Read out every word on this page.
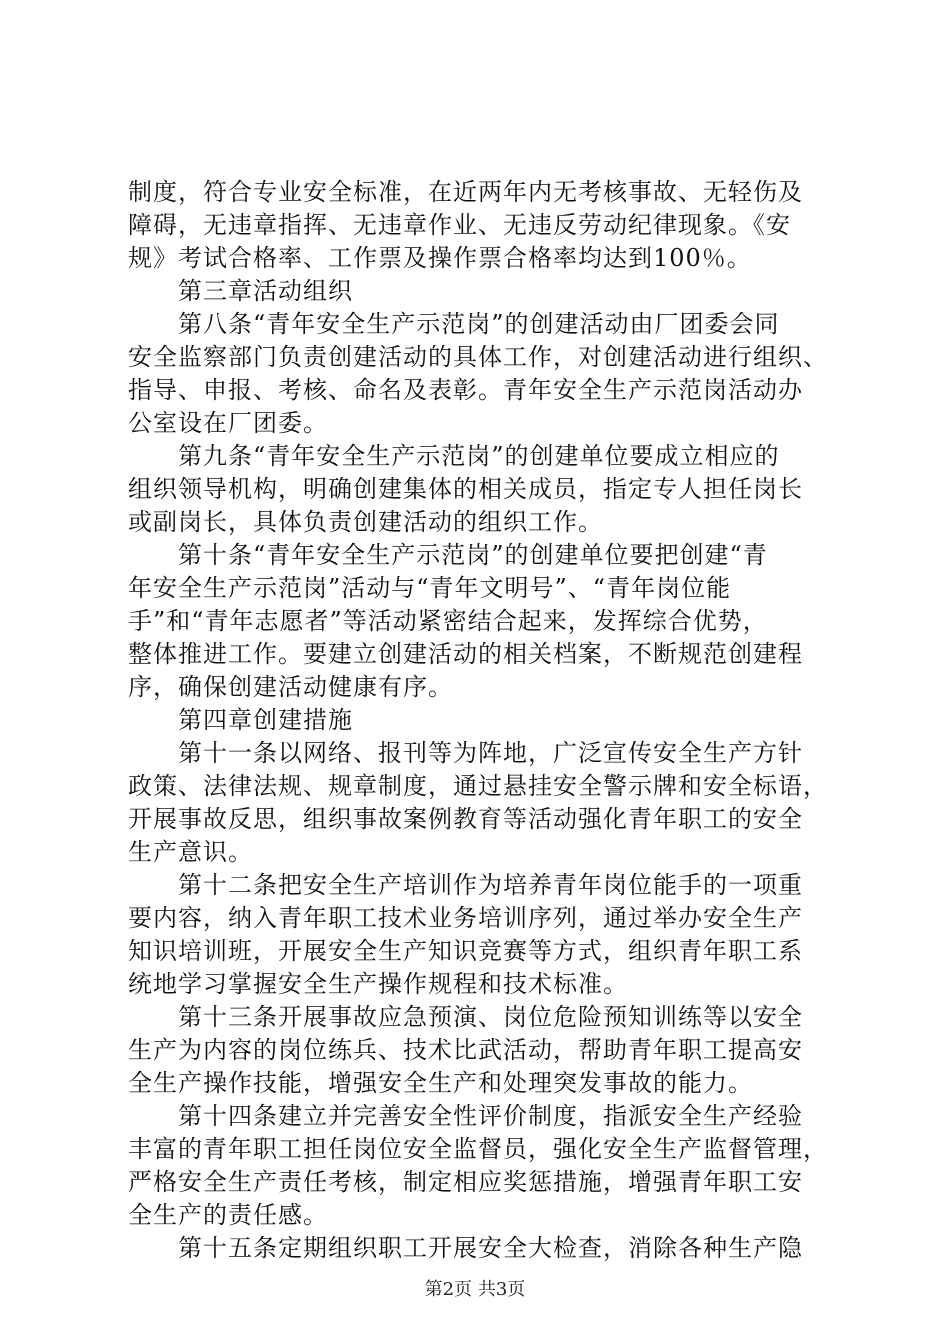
制度，符合专业安全标准，在近两年内无考核事故、无轻伤及
障碍，无违章指挥、无违章作业、无违反劳动纪律现象。《安
规》考试合格率、工作票及操作票合格率均达到100％。
　　第三章活动组织
　　第八条“青年安全生产示范岗”的创建活动由厂团委会同
安全监察部门负责创建活动的具体工作，对创建活动进行组织、
指导、申报、考核、命名及表彰。青年安全生产示范岗活动办
公室设在厂团委。
　　第九条“青年安全生产示范岗”的创建单位要成立相应的
组织领导机构，明确创建集体的相关成员，指定专人担任岗长
或副岗长，具体负责创建活动的组织工作。
　　第十条“青年安全生产示范岗”的创建单位要把创建“青
年安全生产示范岗”活动与“青年文明号”、“青年岗位能
手”和“青年志愿者”等活动紧密结合起来，发挥综合优势，
整体推进工作。要建立创建活动的相关档案，不断规范创建程
序，确保创建活动健康有序。
　　第四章创建措施
　　第十一条以网络、报刊等为阵地，广泛宣传安全生产方针
政策、法律法规、规章制度，通过悬挂安全警示牌和安全标语，
开展事故反思，组织事故案例教育等活动强化青年职工的安全
生产意识。
　　第十二条把安全生产培训作为培养青年岗位能手的一项重
要内容，纳入青年职工技术业务培训序列，通过举办安全生产
知识培训班，开展安全生产知识竞赛等方式，组织青年职工系
统地学习掌握安全生产操作规程和技术标准。
　　第十三条开展事故应急预演、岗位危险预知训练等以安全
生产为内容的岗位练兵、技术比武活动，帮助青年职工提高安
全生产操作技能，增强安全生产和处理突发事故的能力。
　　第十四条建立并完善安全性评价制度，指派安全生产经验
丰富的青年职工担任岗位安全监督员，强化安全生产监督管理，
严格安全生产责任考核，制定相应奖惩措施，增强青年职工安
全生产的责任感。
　　第十五条定期组织职工开展安全大检查，消除各种生产隐
第2页 共3页
